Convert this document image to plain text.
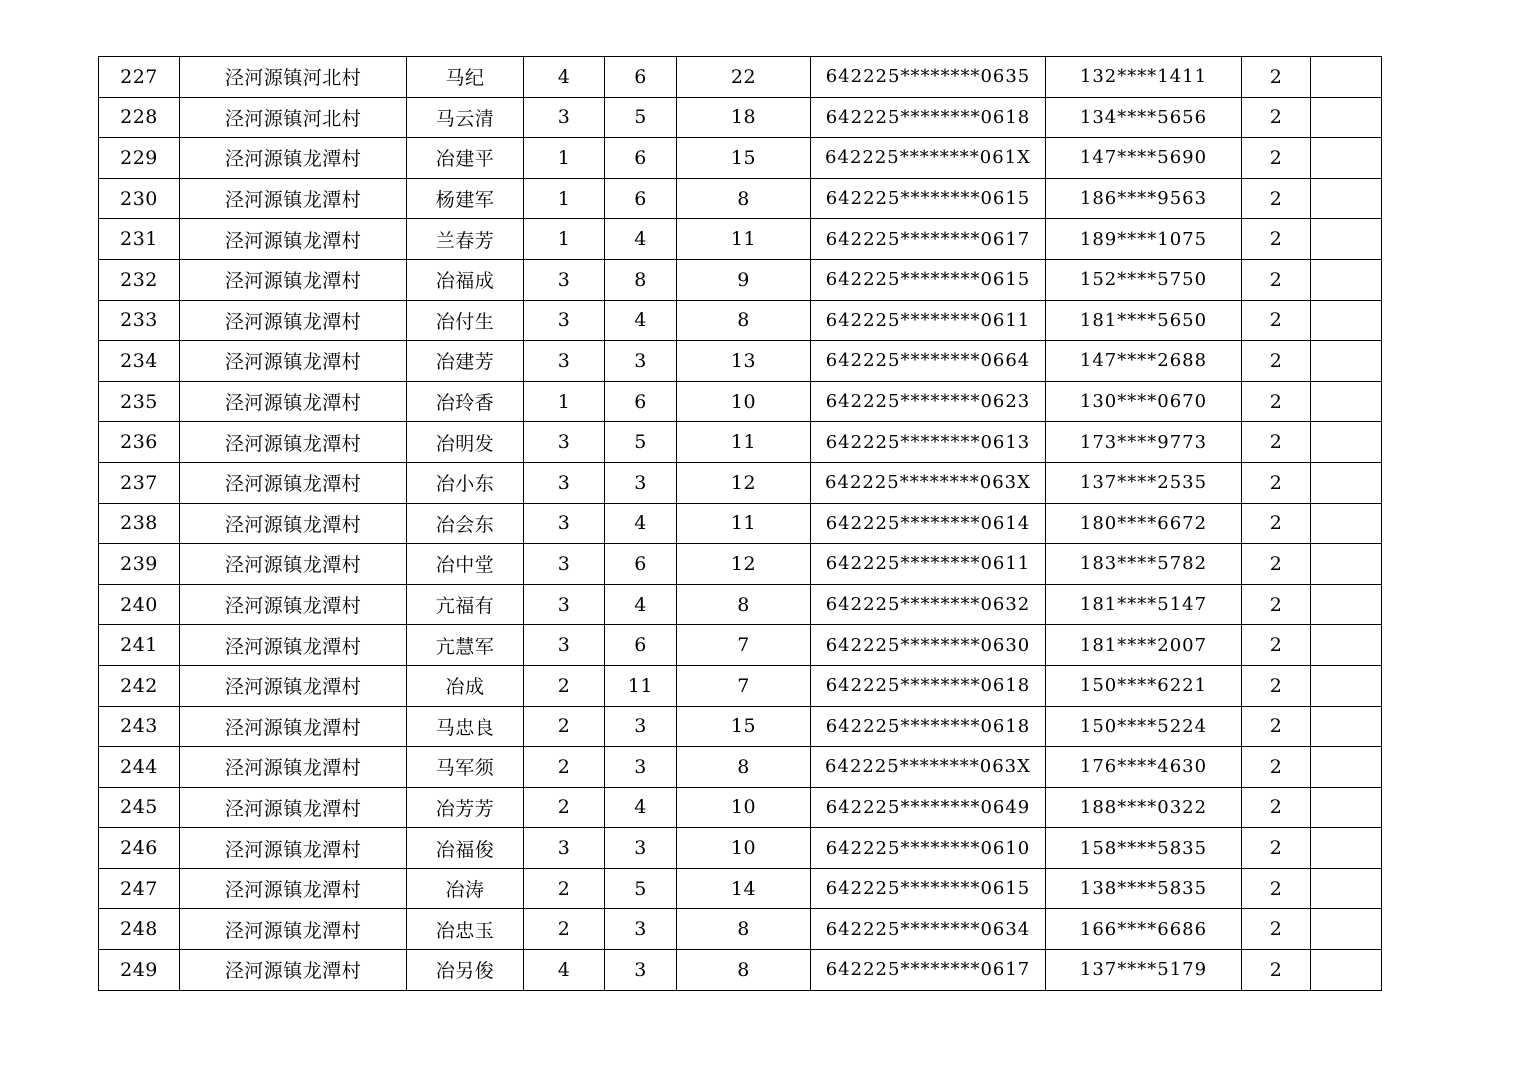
227	泾河源镇河北村	马纪	4	6	22	642225********0635	132****1411	2	
228	泾河源镇河北村	马云清	3	5	18	642225********0618	134****5656	2	
229	泾河源镇龙潭村	冶建平	1	6	15	642225********061X	147****5690	2	
230	泾河源镇龙潭村	杨建军	1	6	8	642225********0615	186****9563	2	
231	泾河源镇龙潭村	兰春芳	1	4	11	642225********0617	189****1075	2	
232	泾河源镇龙潭村	冶福成	3	8	9	642225********0615	152****5750	2	
233	泾河源镇龙潭村	冶付生	3	4	8	642225********0611	181****5650	2	
234	泾河源镇龙潭村	冶建芳	3	3	13	642225********0664	147****2688	2	
235	泾河源镇龙潭村	冶玲香	1	6	10	642225********0623	130****0670	2	
236	泾河源镇龙潭村	冶明发	3	5	11	642225********0613	173****9773	2	
237	泾河源镇龙潭村	冶小东	3	3	12	642225********063X	137****2535	2	
238	泾河源镇龙潭村	冶会东	3	4	11	642225********0614	180****6672	2	
239	泾河源镇龙潭村	冶中堂	3	6	12	642225********0611	183****5782	2	
240	泾河源镇龙潭村	亢福有	3	4	8	642225********0632	181****5147	2	
241	泾河源镇龙潭村	亢慧军	3	6	7	642225********0630	181****2007	2	
242	泾河源镇龙潭村	冶成	2	11	7	642225********0618	150****6221	2	
243	泾河源镇龙潭村	马忠良	2	3	15	642225********0618	150****5224	2	
244	泾河源镇龙潭村	马军须	2	3	8	642225********063X	176****4630	2	
245	泾河源镇龙潭村	冶芳芳	2	4	10	642225********0649	188****0322	2	
246	泾河源镇龙潭村	冶福俊	3	3	10	642225********0610	158****5835	2	
247	泾河源镇龙潭村	冶涛	2	5	14	642225********0615	138****5835	2	
248	泾河源镇龙潭村	冶忠玉	2	3	8	642225********0634	166****6686	2	
249	泾河源镇龙潭村	冶另俊	4	3	8	642225********0617	137****5179	2	
